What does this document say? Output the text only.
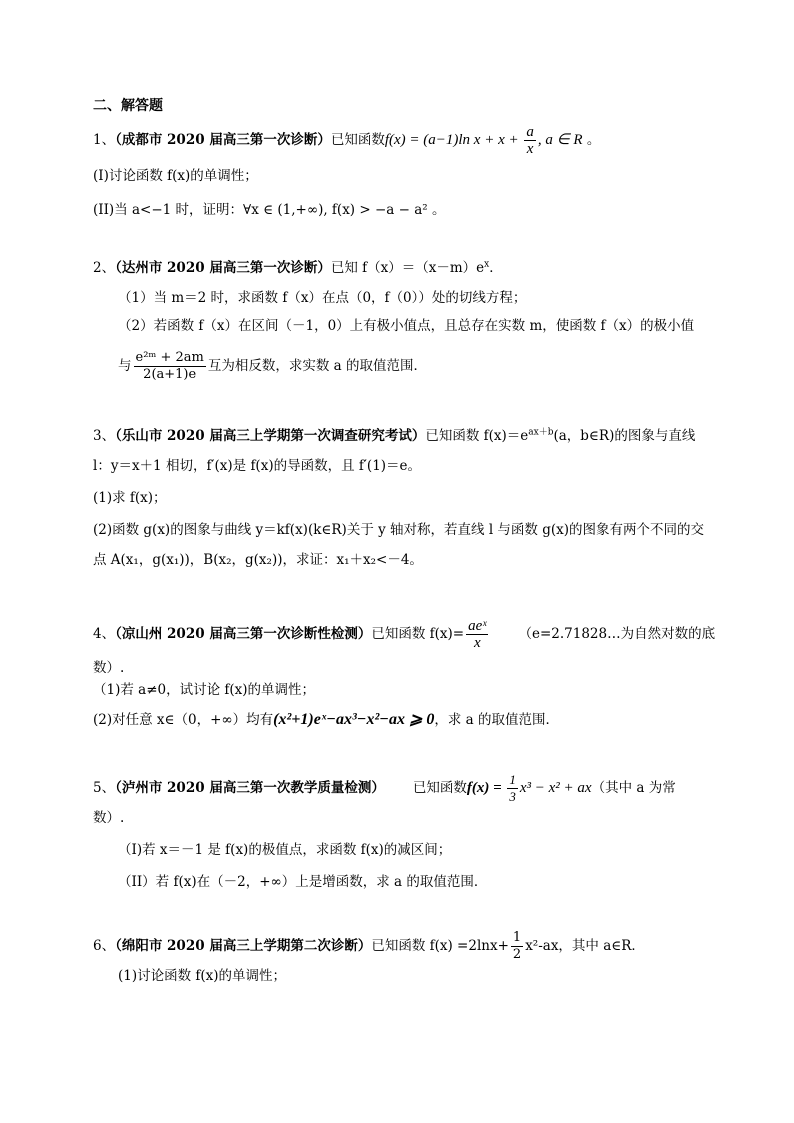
二、解答题
1、（成都市 2020 届高三第一次诊断）已知函数f(x) = (a−1)ln $x + x + \frac{a}{x}$ , a ∈ R 。
(I)讨论函数 f(x)的单调性；
(II)当 a<−1 时，证明：∀x ∈ (1,+∞), f(x) > −a − a² 。
2、（达州市 2020 届高三第一次诊断）已知 $f(x)=(x-m)e^x$．
（1）当 m＝2 时，求函数 f（x）在点（0，f（0））处的切线方程；
（2）若函数 f（x）在区间（－1，0）上有极小值点，且总存在实数 m，使函数 f（x）的极小值
与 $\frac{\text{e²ᵐ + 2am}}{2(a+1)e}$ 互为相反数，求实数 a 的取值范围．
3、（乐山市 2020 届高三上学期第一次调查研究考试）已知函数 $f(x)=e^{ax+b}(a$，b∈R)的图象与直线
l：y＝x＋1 相切，f′(x)是 f(x)的导函数，且 f′(1)＝e。
(1)求 f(x)；
(2)函数 g(x)的图象与曲线 y＝kf(x)(k∈R)关于 y 轴对称，若直线 l 与函数 g(x)的图象有两个不同的交
点 A(x₁，g(x₁))，B(x₂，g(x₂))，求证：x₁＋x₂<－4。
4、（凉山州 2020 届高三第一次诊断性检测）已知函数 $f(x)= \frac{\text{aeˣ}}{x}$ （e=2.71828…为自然对数的底
数）.
（1)若 a≠0，试讨论 f(x)的单调性；
(2)对任意 x∈（0，+∞）均有(x²+1)eˣ−ax³−x²−ax ⩾ 0，求 a 的取值范围．
5、（泸州市 2020 届高三第一次教学质量检测） 已知函数$f(x) = \frac{1}{3} x^3 - x^2 + ax$（其中 a 为常
数）.
（I)若 x＝－1 是 f(x)的极值点，求函数 f(x)的减区间；
（II）若 f(x)在（－2，+∞）上是增函数，求 a 的取值范围．
6、（绵阳市 2020 届高三上学期第二次诊断）已知函数 $f(x) =2\ln x+ \frac{1}{2} x^2-ax$，其中 a∈R．
(1)讨论函数 f(x)的单调性；
